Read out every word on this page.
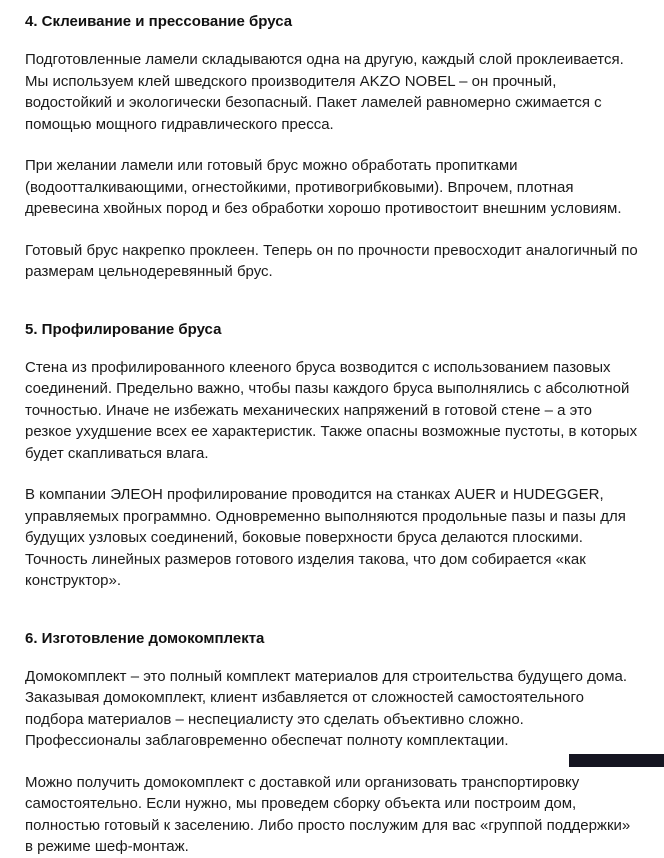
4. Склеивание и прессование бруса

Подготовленные ламели складываются одна на другую, каждый слой проклеивается. Мы используем клей шведского производителя AKZO NOBEL – он прочный, водостойкий и экологически безопасный. Пакет ламелей равномерно сжимается с помощью мощного гидравлического пресса.

При желании ламели или готовый брус можно обработать пропитками (водоотталкивающими, огнестойкими, противогрибковыми). Впрочем, плотная древесина хвойных пород и без обработки хорошо противостоит внешним условиям.

Готовый брус накрепко проклеен. Теперь он по прочности превосходит аналогичный по размерам цельнодеревянный брус.

5. Профилирование бруса

Стена из профилированного клееного бруса возводится с использованием пазовых соединений. Предельно важно, чтобы пазы каждого бруса выполнялись с абсолютной точностью. Иначе не избежать механических напряжений в готовой стене – а это резкое ухудшение всех ее характеристик. Также опасны возможные пустоты, в которых будет скапливаться влага.

В компании ЭЛЕОН профилирование проводится на станках AUER и HUDEGGER, управляемых программно. Одновременно выполняются продольные пазы и пазы для будущих узловых соединений, боковые поверхности бруса делаются плоскими. Точность линейных размеров готового изделия такова, что дом собирается «как конструктор».

6. Изготовление домокомплекта

Домокомплект – это полный комплект материалов для строительства будущего дома. Заказывая домокомплект, клиент избавляется от сложностей самостоятельного подбора материалов – неспециалисту это сделать объективно сложно. Профессионалы заблаговременно обеспечат полноту комплектации.

Можно получить домокомплект с доставкой или организовать транспортировку самостоятельно. Если нужно, мы проведем сборку объекта или построим дом, полностью готовый к заселению. Либо просто послужим для вас «группой поддержки» в режиме шеф-монтаж.
